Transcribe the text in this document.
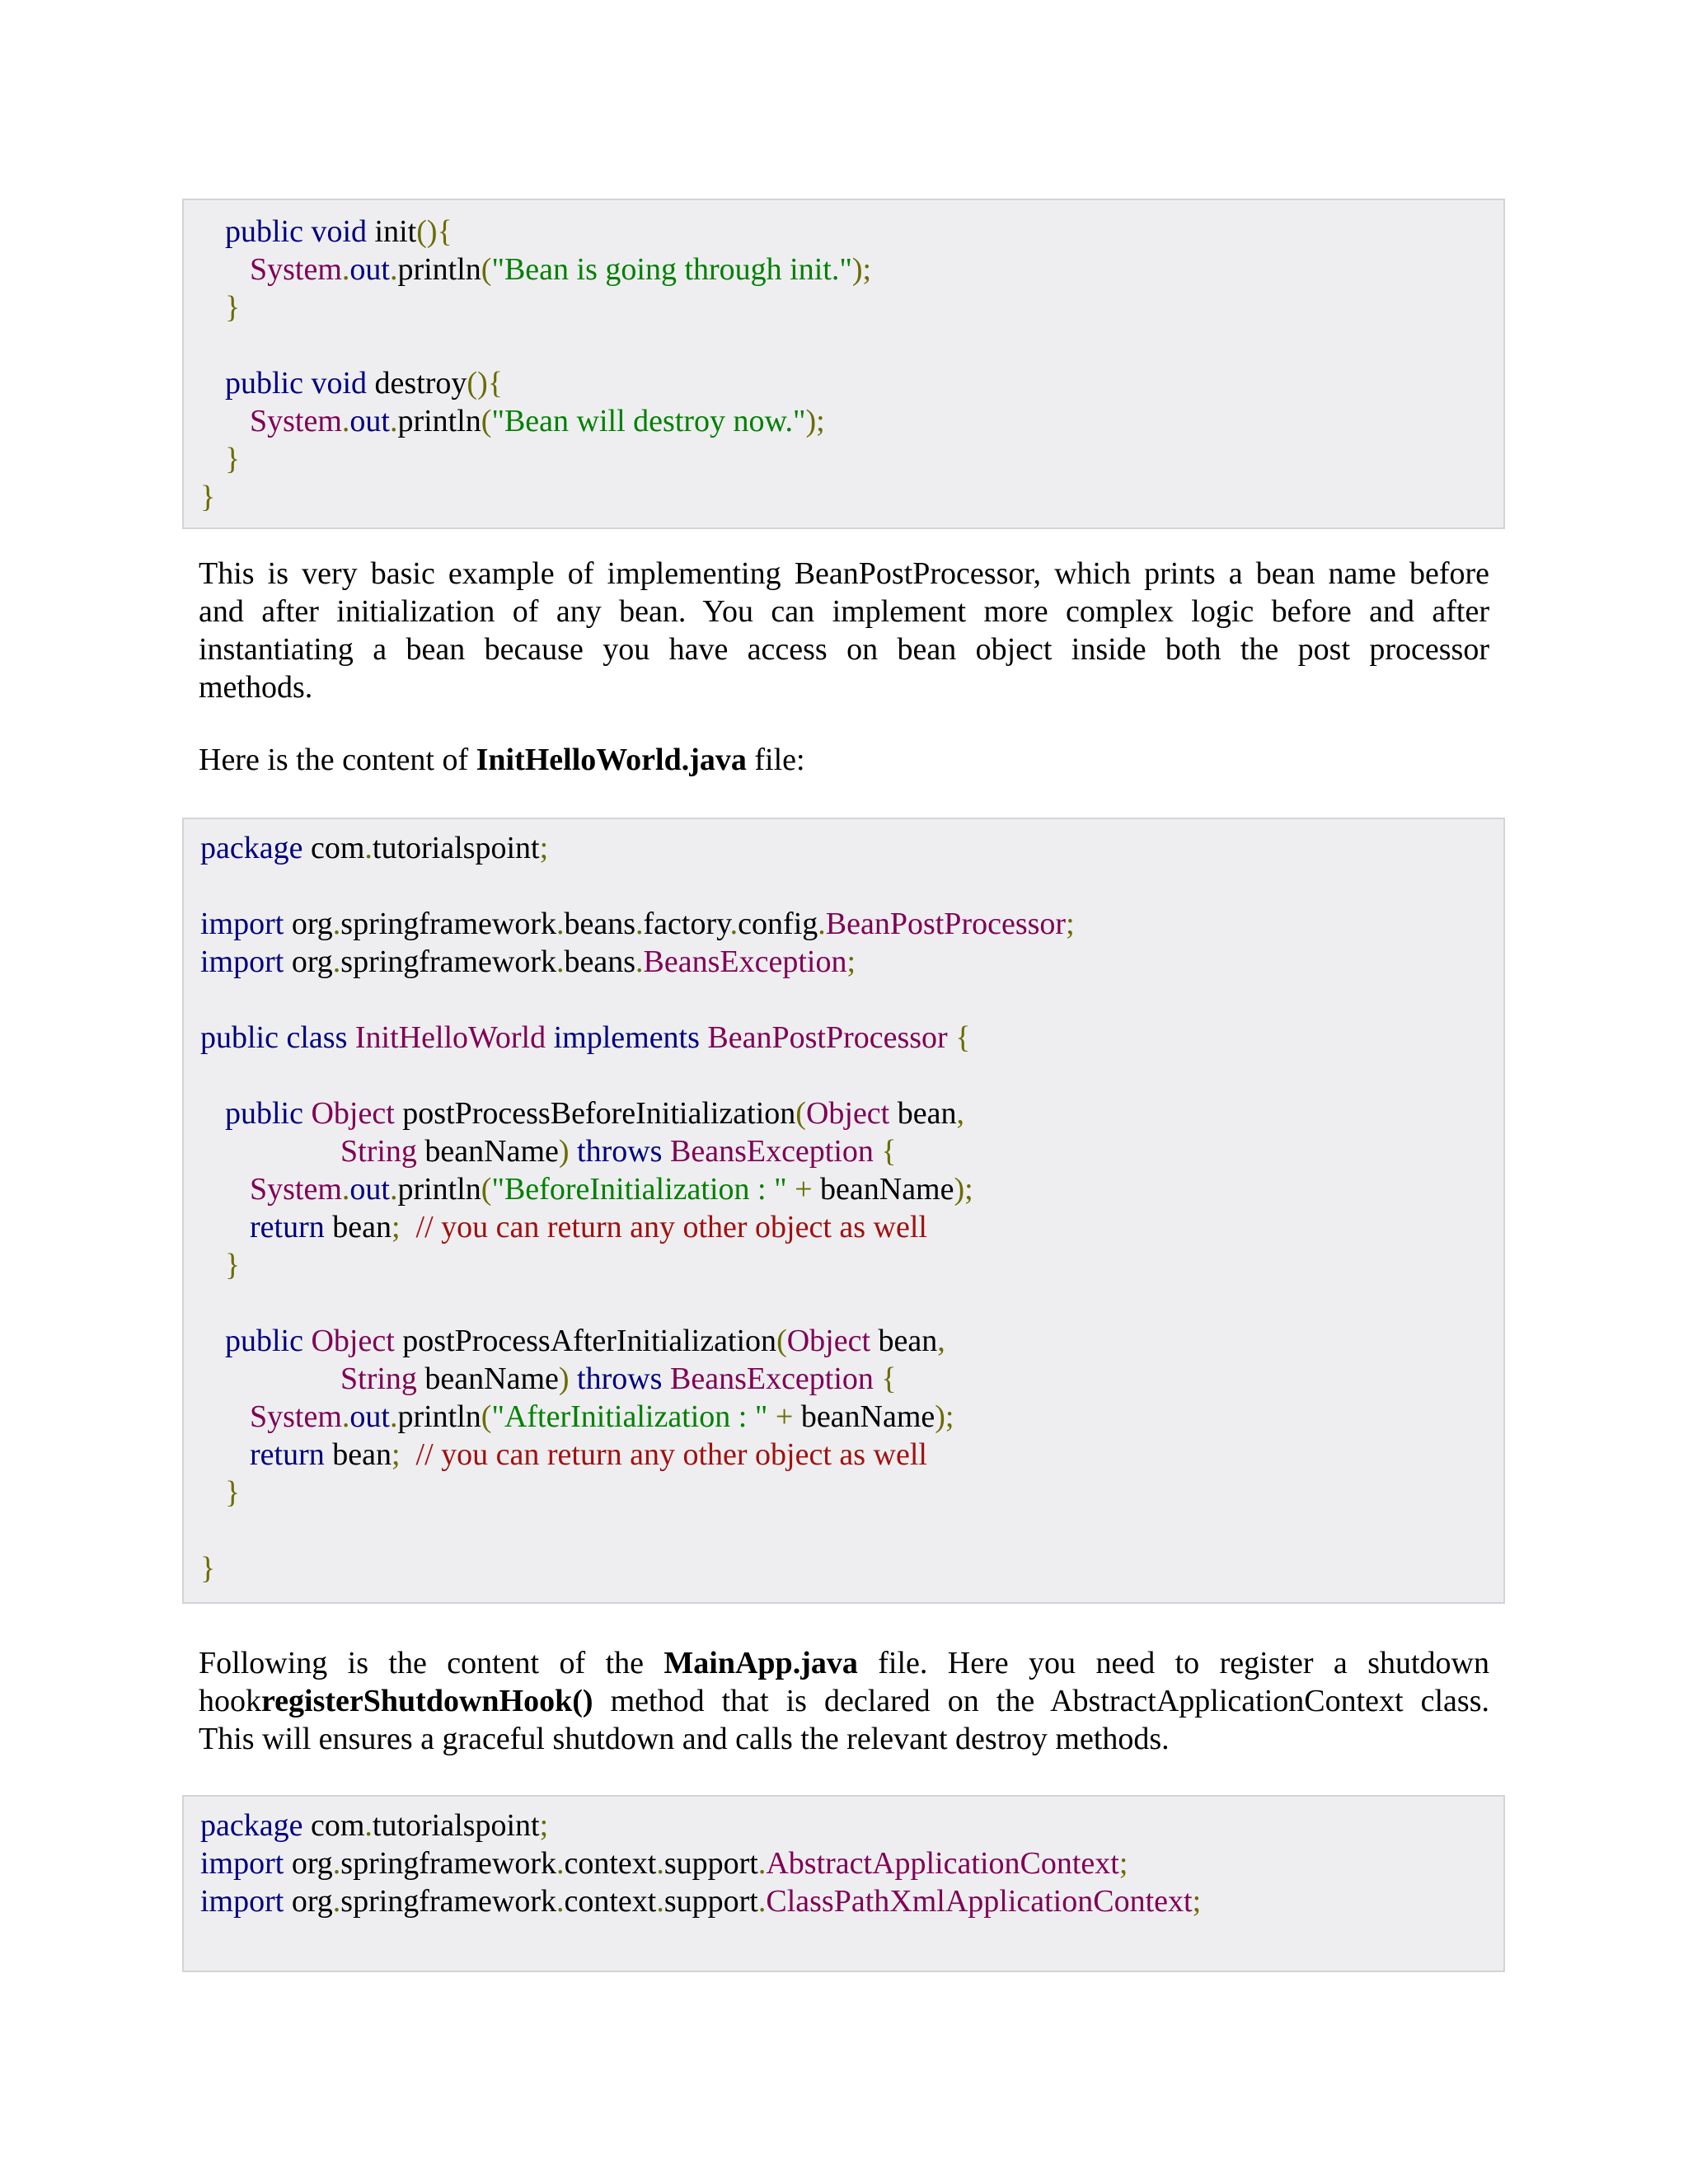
public void init(){
System.out.println("Bean is going through init.");
}
public void destroy(){
System.out.println("Bean will destroy now.");
}
}
This is very basic example of implementing BeanPostProcessor, which prints a bean name before
and after initialization of any bean. You can implement more complex logic before and after
instantiating a bean because you have access on bean object inside both the post processor
methods.
Here is the content of InitHelloWorld.java file:
package com.tutorialspoint;
import org.springframework.beans.factory.config.BeanPostProcessor;
import org.springframework.beans.BeansException;
public class InitHelloWorld implements BeanPostProcessor {
public Object postProcessBeforeInitialization(Object bean,
String beanName) throws BeansException {
System.out.println("BeforeInitialization : " + beanName);
return bean; // you can return any other object as well
}
public Object postProcessAfterInitialization(Object bean,
String beanName) throws BeansException {
System.out.println("AfterInitialization : " + beanName);
return bean; // you can return any other object as well
}
}
Following is the content of the MainApp.java file. Here you need to register a shutdown
hookregisterShutdownHook() method that is declared on the AbstractApplicationContext class.
This will ensures a graceful shutdown and calls the relevant destroy methods.
package com.tutorialspoint;
import org.springframework.context.support.AbstractApplicationContext;
import org.springframework.context.support.ClassPathXmlApplicationContext;
